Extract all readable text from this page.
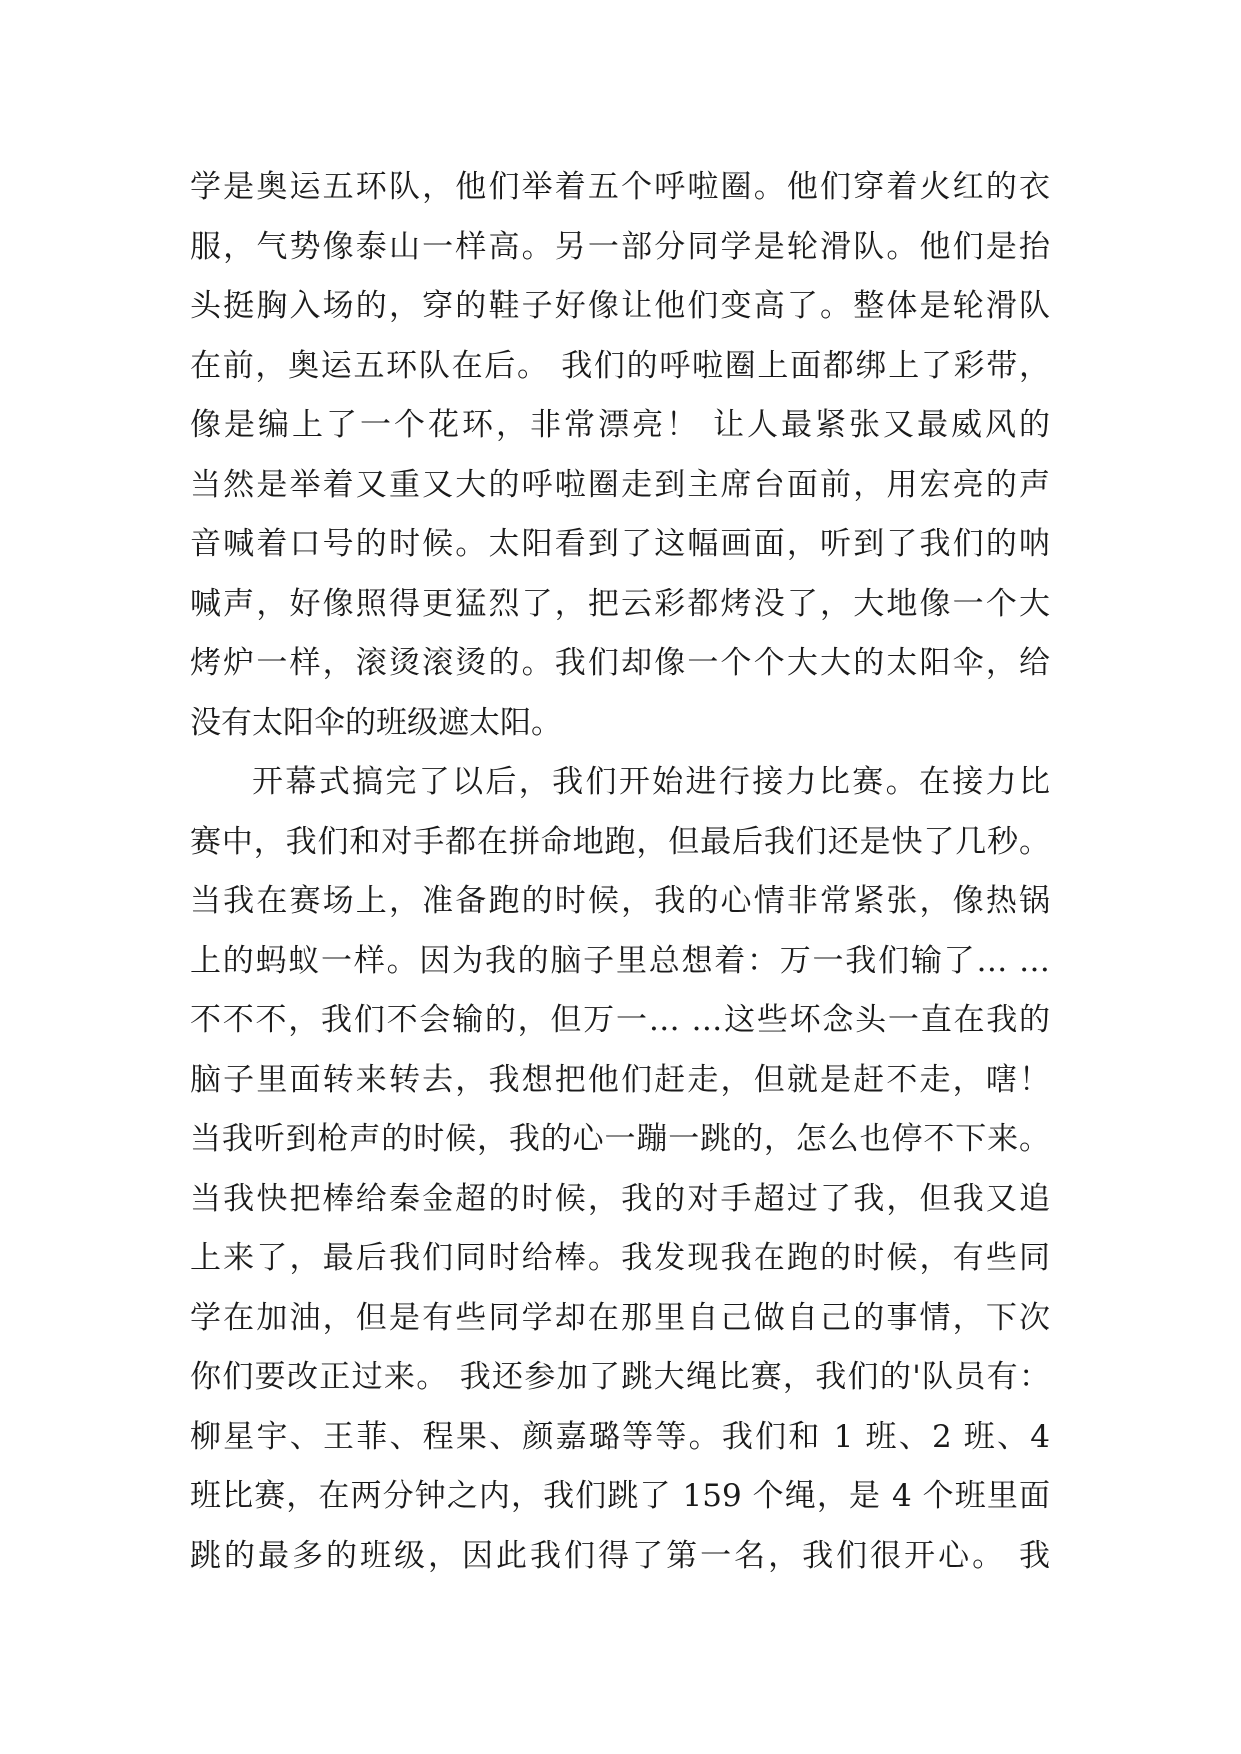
学是奥运五环队，他们举着五个呼啦圈。他们穿着火红的衣
服，气势像泰山一样高。另一部分同学是轮滑队。他们是抬
头挺胸入场的，穿的鞋子好像让他们变高了。整体是轮滑队
在前，奥运五环队在后。 我们的呼啦圈上面都绑上了彩带，
像是编上了一个花环，非常漂亮！ 让人最紧张又最威风的
当然是举着又重又大的呼啦圈走到主席台面前，用宏亮的声
音喊着口号的时候。太阳看到了这幅画面，听到了我们的呐
喊声，好像照得更猛烈了，把云彩都烤没了，大地像一个大
烤炉一样，滚烫滚烫的。我们却像一个个大大的太阳伞，给
没有太阳伞的班级遮太阳。
开幕式搞完了以后，我们开始进行接力比赛。在接力比
赛中，我们和对手都在拼命地跑，但最后我们还是快了几秒。
当我在赛场上，准备跑的时候，我的心情非常紧张，像热锅
上的蚂蚁一样。因为我的脑子里总想着：万一我们输了… …
不不不，我们不会输的，但万一… …这些坏念头一直在我的
脑子里面转来转去，我想把他们赶走，但就是赶不走，嗐！
当我听到枪声的时候，我的心一蹦一跳的，怎么也停不下来。
当我快把棒给秦金超的时候，我的对手超过了我，但我又追
上来了，最后我们同时给棒。我发现我在跑的时候，有些同
学在加油，但是有些同学却在那里自己做自己的事情，下次
你们要改正过来。 我还参加了跳大绳比赛，我们的'队员有：
柳星宇、王菲、程果、颜嘉璐等等。我们和 1 班、2 班、4
班比赛，在两分钟之内，我们跳了 159 个绳，是 4 个班里面
跳的最多的班级，因此我们得了第一名，我们很开心。 我
